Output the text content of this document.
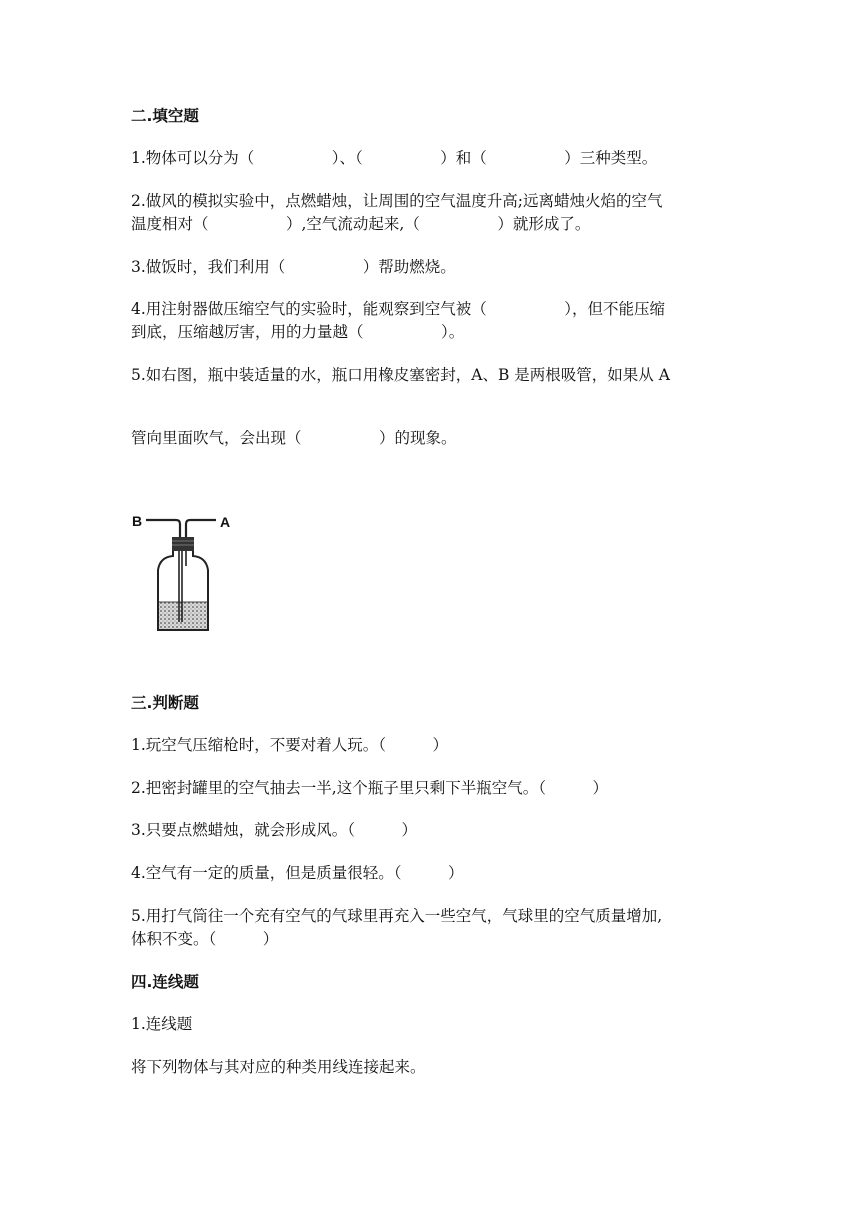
二.填空题
1.物体可以分为（　　　　　）、（　　　　　）和（　　　　　）三种类型。
2.做风的模拟实验中，点燃蜡烛，让周围的空气温度升高;远离蜡烛火焰的空气
温度相对（　　　　　）,空气流动起来,（　　　　　）就形成了。
3.做饭时，我们利用（　　　　　）帮助燃烧。
4.用注射器做压缩空气的实验时，能观察到空气被（　　　　　），但不能压缩
到底，压缩越厉害，用的力量越（　　　　　）。
5.如右图，瓶中装适量的水，瓶口用橡皮塞密封，A、B 是两根吸管，如果从 A
管向里面吹气，会出现（　　　　　）的现象。
B	A
三.判断题
1.玩空气压缩枪时，不要对着人玩。（　　　）
2.把密封罐里的空气抽去一半,这个瓶子里只剩下半瓶空气。（　　　）
3.只要点燃蜡烛，就会形成风。（　　　）
4.空气有一定的质量，但是质量很轻。（　　　）
5.用打气筒往一个充有空气的气球里再充入一些空气，气球里的空气质量增加,
体积不变。（　　　）
四.连线题
1.连线题
将下列物体与其对应的种类用线连接起来。
